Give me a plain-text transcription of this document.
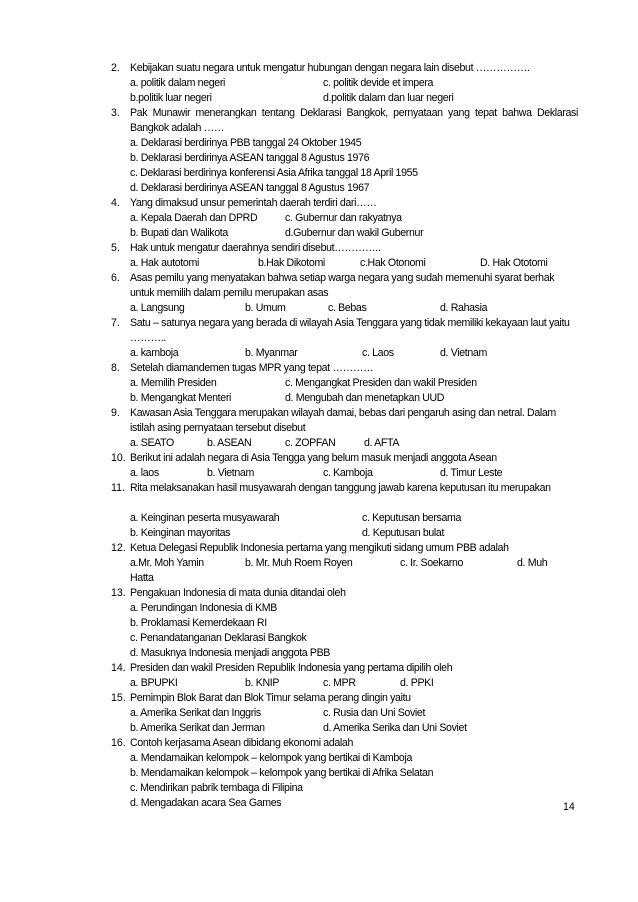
2. Kebijakan suatu negara untuk mengatur hubungan dengan negara lain disebut …………….
a. politik dalam negeri	c. politik devide et impera
b.politik luar negeri	d.politik dalam dan luar negeri
3. Pak Munawir menerangkan tentang Deklarasi Bangkok, pernyataan yang tepat bahwa Deklarasi Bangkok adalah ……
a. Deklarasi berdirinya PBB tanggal 24 Oktober 1945
b. Deklarasi berdirinya ASEAN tanggal 8 Agustus 1976
c. Deklarasi berdirinya konferensi Asia Afrika tanggal 18 April 1955
d. Deklarasi berdirinya ASEAN tanggal 8 Agustus 1967
4. Yang dimaksud unsur pemerintah daerah terdiri dari……
a. Kepala Daerah dan DPRD	c. Gubernur dan rakyatnya
b. Bupati dan Walikota	d.Gubernur dan wakil Gubernur
5. Hak untuk mengatur daerahnya sendiri disebut…………..
a. Hak autotomi	b.Hak Dikotomi	c.Hak Otonomi	D. Hak Ototomi
6. Asas pemilu yang menyatakan bahwa setiap warga negara yang sudah memenuhi syarat berhak untuk memilih dalam pemilu merupakan asas
a. Langsung	b. Umum	c. Bebas	d. Rahasia
7. Satu – satunya negara yang berada di wilayah Asia Tenggara yang tidak memiliki kekayaan laut yaitu ………..
a. kamboja	b. Myanmar	c. Laos	d. Vietnam
8. Setelah diamandemen tugas MPR yang tepat …………
a. Memilih Presiden	c. Mengangkat Presiden dan wakil Presiden
b. Mengangkat Menteri	d. Mengubah dan menetapkan UUD
9. Kawasan Asia Tenggara merupakan wilayah damai, bebas dari pengaruh asing dan netral. Dalam istilah asing pernyataan tersebut disebut
a. SEATO	b. ASEAN	c. ZOPFAN	d. AFTA
10. Berikut ini adalah negara di Asia Tengga yang belum masuk menjadi anggota Asean
a. laos	b. Vietnam	c. Kamboja	d. Timur Leste
11. Rita melaksanakan hasil musyawarah dengan tanggung jawab karena keputusan itu merupakan
a. Keinginan peserta musyawarah	c. Keputusan bersama
b. Keinginan mayoritas	d. Keputusan bulat
12. Ketua Delegasi Republik Indonesia pertama yang mengikuti sidang umum PBB adalah
a.Mr. Moh Yamin	b. Mr. Muh Roem Royen	c. Ir. Soekarno	d. Muh
Hatta
13. Pengakuan Indonesia di mata dunia ditandai oleh
a. Perundingan Indonesia di KMB
b. Proklamasi Kemerdekaan RI
c. Penandatanganan Deklarasi Bangkok
d. Masuknya Indonesia menjadi anggota PBB
14. Presiden dan wakil Presiden Republik Indonesia yang pertama dipilih oleh
a. BPUPKI	b. KNIP	c. MPR	d. PPKI
15. Pemimpin Blok Barat dan Blok Timur selama perang dingin yaitu
a. Amerika Serikat dan Inggris	c. Rusia dan Uni Soviet
b. Amerika Serikat dan Jerman	d. Amerika Serika dan Uni Soviet
16. Contoh kerjasama Asean dibidang ekonomi adalah
a. Mendamaikan kelompok – kelompok yang bertikai di Kamboja
b. Mendamaikan kelompok – kelompok yang bertikai di Afrika Selatan
c. Mendirikan pabrik tembaga di Filipina
d. Mengadakan acara Sea Games	14
